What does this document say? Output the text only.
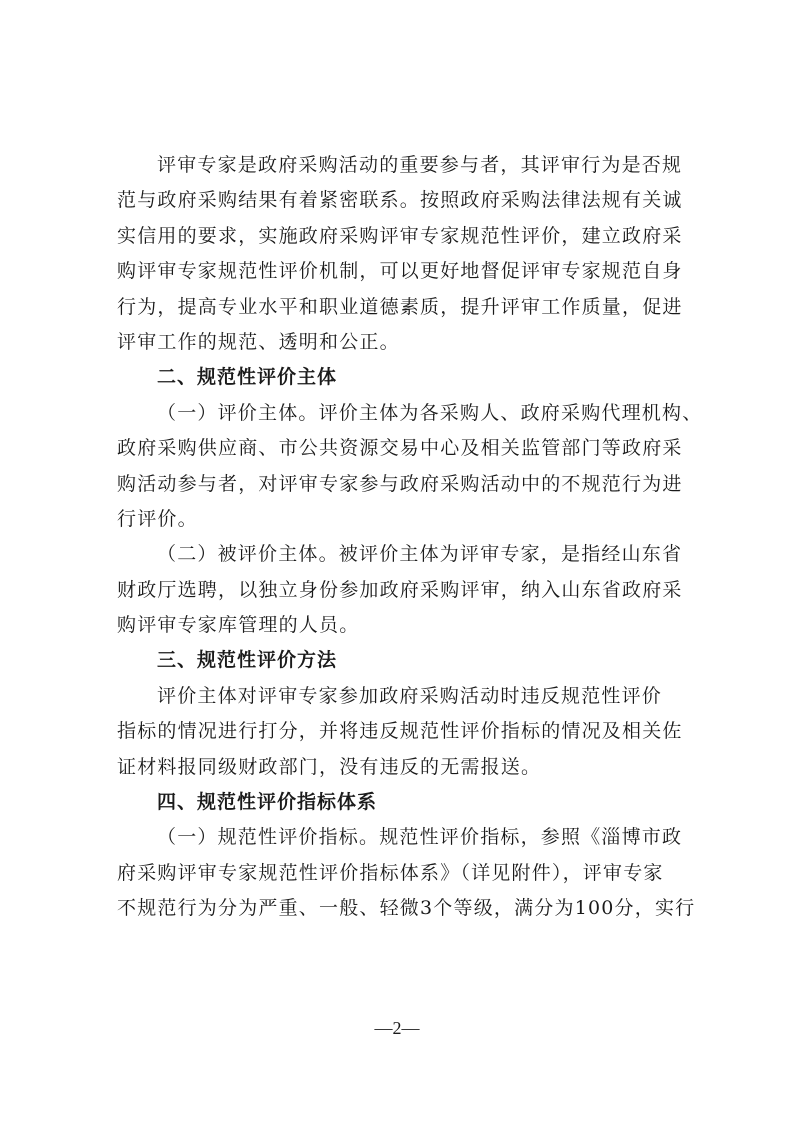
评审专家是政府采购活动的重要参与者，其评审行为是否规
范与政府采购结果有着紧密联系。按照政府采购法律法规有关诚
实信用的要求，实施政府采购评审专家规范性评价，建立政府采
购评审专家规范性评价机制，可以更好地督促评审专家规范自身
行为，提高专业水平和职业道德素质，提升评审工作质量，促进
评审工作的规范、透明和公正。
二、规范性评价主体
（一）评价主体。评价主体为各采购人、政府采购代理机构、
政府采购供应商、市公共资源交易中心及相关监管部门等政府采
购活动参与者，对评审专家参与政府采购活动中的不规范行为进
行评价。
（二）被评价主体。被评价主体为评审专家，是指经山东省
财政厅选聘，以独立身份参加政府采购评审，纳入山东省政府采
购评审专家库管理的人员。
三、规范性评价方法
评价主体对评审专家参加政府采购活动时违反规范性评价
指标的情况进行打分，并将违反规范性评价指标的情况及相关佐
证材料报同级财政部门，没有违反的无需报送。
四、规范性评价指标体系
（一）规范性评价指标。规范性评价指标，参照《淄博市政
府采购评审专家规范性评价指标体系》（详见附件），评审专家
不规范行为分为严重、一般、轻微3个等级，满分为100分，实行
—2—
